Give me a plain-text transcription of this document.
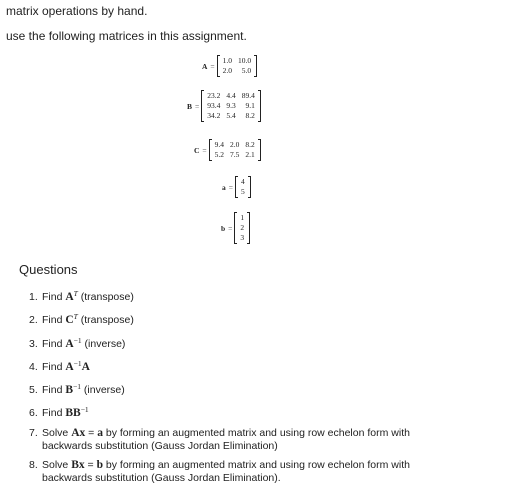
matrix operations by hand.
use the following matrices in this assignment.
A =
1.0	10.0
2.0	5.0
B =
23.2	4.4	89.4
93.4	9.3	9.1
34.2	5.4	8.2
C =
9.4	2.0	8.2
5.2	7.5	2.1
a =
4
5
b =
1
2
3
Questions
1. Find $A^T$ (transpose)
2. Find $C^T$ (transpose)
3. Find $A^{-1}$ (inverse)
4. Find $A^{-1}A$
5. Find $B^{-1}$ (inverse)
6. Find $BB^{-1}$
7. Solve Ax = a by forming an augmented matrix and using row echelon form with
backwards substitution (Gauss Jordan Elimination)
8. Solve Bx = b by forming an augmented matrix and using row echelon form with
backwards substitution (Gauss Jordan Elimination).
